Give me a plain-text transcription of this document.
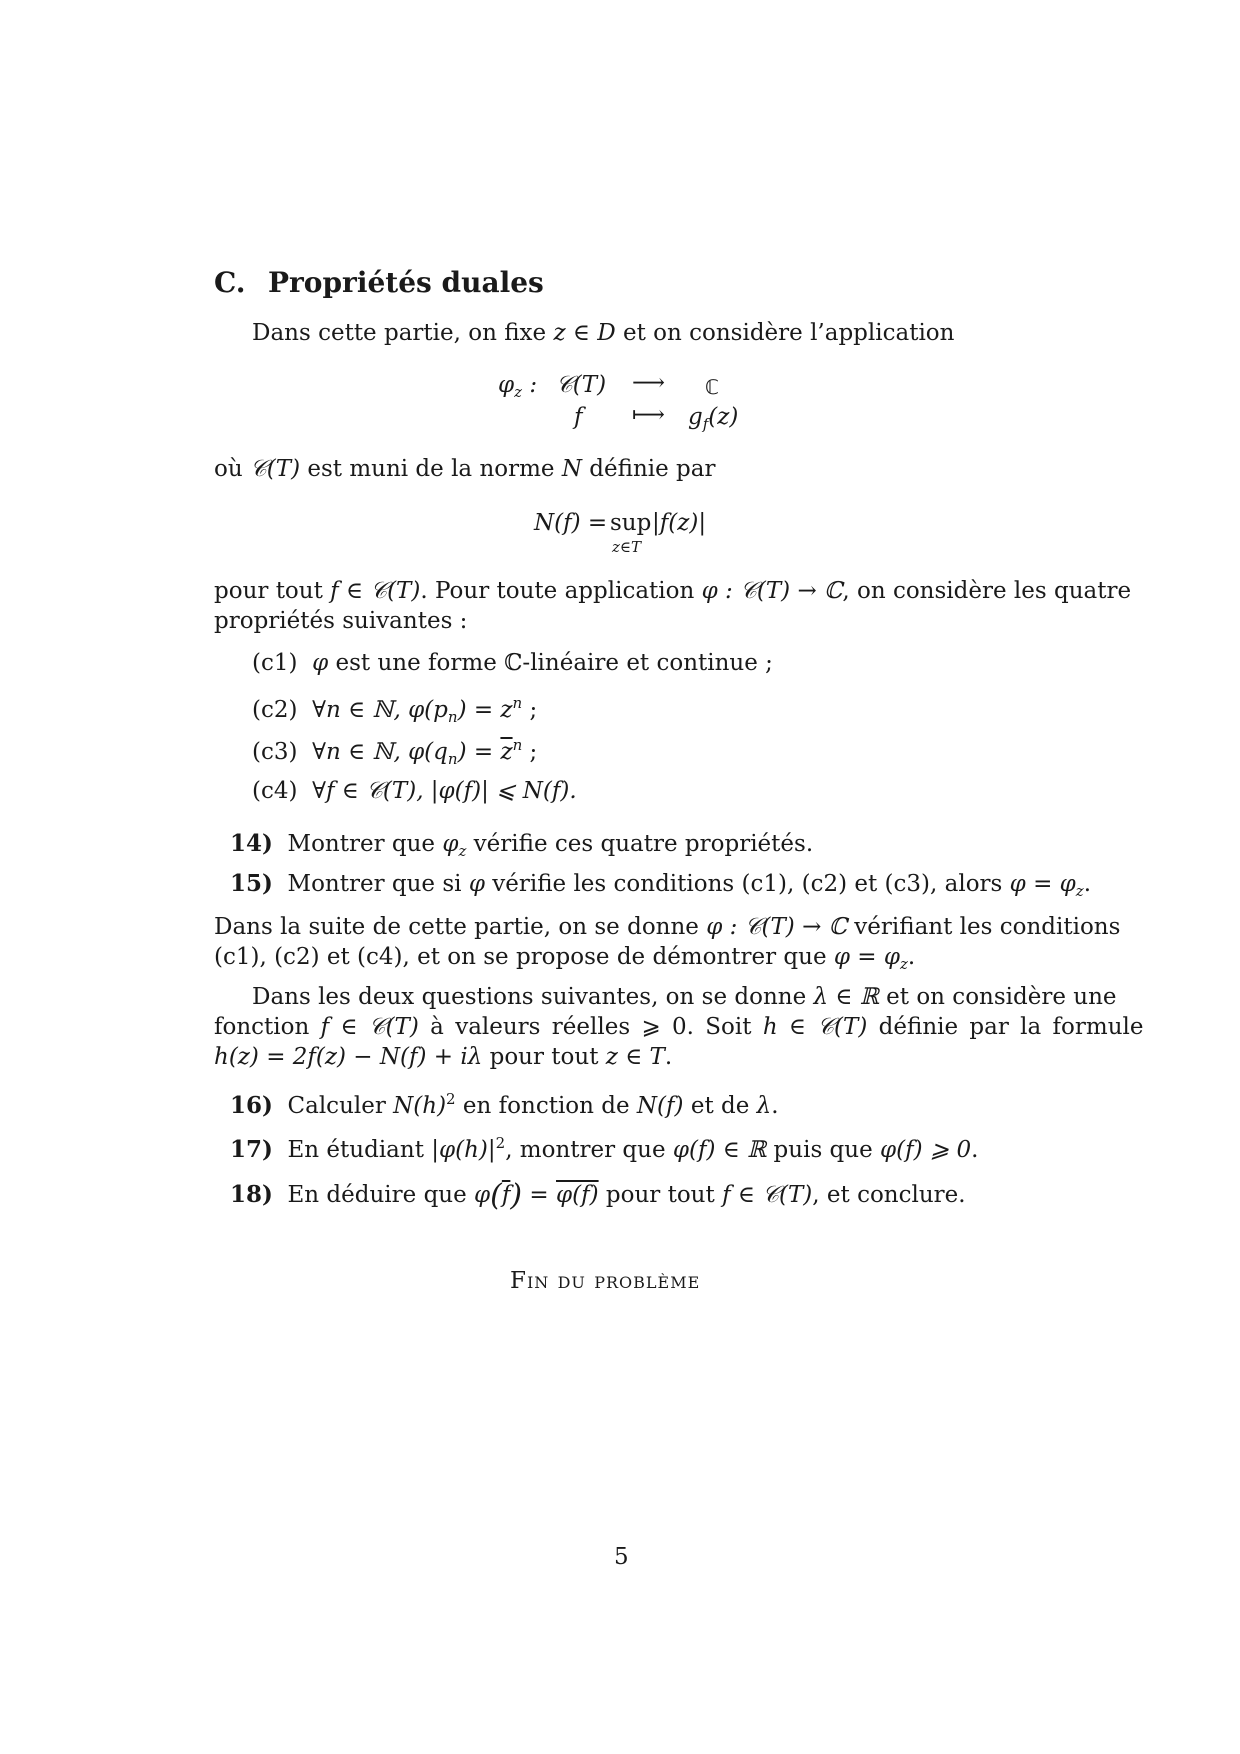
C. Propriétés duales
Dans cette partie, on fixe z ∈ D et on considère l’application
$\varphi_z$ : 𝒞(T) ⟶ ℂ
f ⟼ $g_f(z)$
où 𝒞(T) est muni de la norme N définie par
N(f) = sup
z∈T
|f(z)|
pour tout f ∈ 𝒞(T). Pour toute application φ : 𝒞(T) → ℂ, on considère les quatre
propriétés suivantes :
(c1) φ est une forme ℂ-linéaire et continue ;
(c2) ∀n ∈ ℕ, $\varphi(p_n) = z^n$ ;
(c3) ∀n ∈ ℕ, $\varphi(q_n) = \overline{z}^n$ ;
(c4) ∀f ∈ 𝒞(T), |φ(f)| ⩽ N(f).
14) Montrer que $\varphi_z$ vérifie ces quatre propriétés.
15) Montrer que si φ vérifie les conditions (c1), (c2) et (c3), alors $\varphi = \varphi_z$.
Dans la suite de cette partie, on se donne φ : 𝒞(T) → ℂ vérifiant les conditions
(c1), (c2) et (c4), et on se propose de démontrer que $\varphi = \varphi_z$.
Dans les deux questions suivantes, on se donne λ ∈ ℝ et on considère une
fonction f ∈ 𝒞(T) à valeurs réelles ⩾ 0. Soit h ∈ 𝒞(T) définie par la formule
h(z) = 2f(z) − N(f) + iλ pour tout z ∈ T.
16) Calculer $N(h)^2$ en fonction de N(f) et de λ.
17) En étudiant $|\varphi(h)|^2$, montrer que φ(f) ∈ ℝ puis que φ(f) ⩾ 0.
18) En déduire que $\varphi(\overline{f}) = \varphi(f)$ pour tout f ∈ 𝒞(T), et conclure.
Fin du problème
5
